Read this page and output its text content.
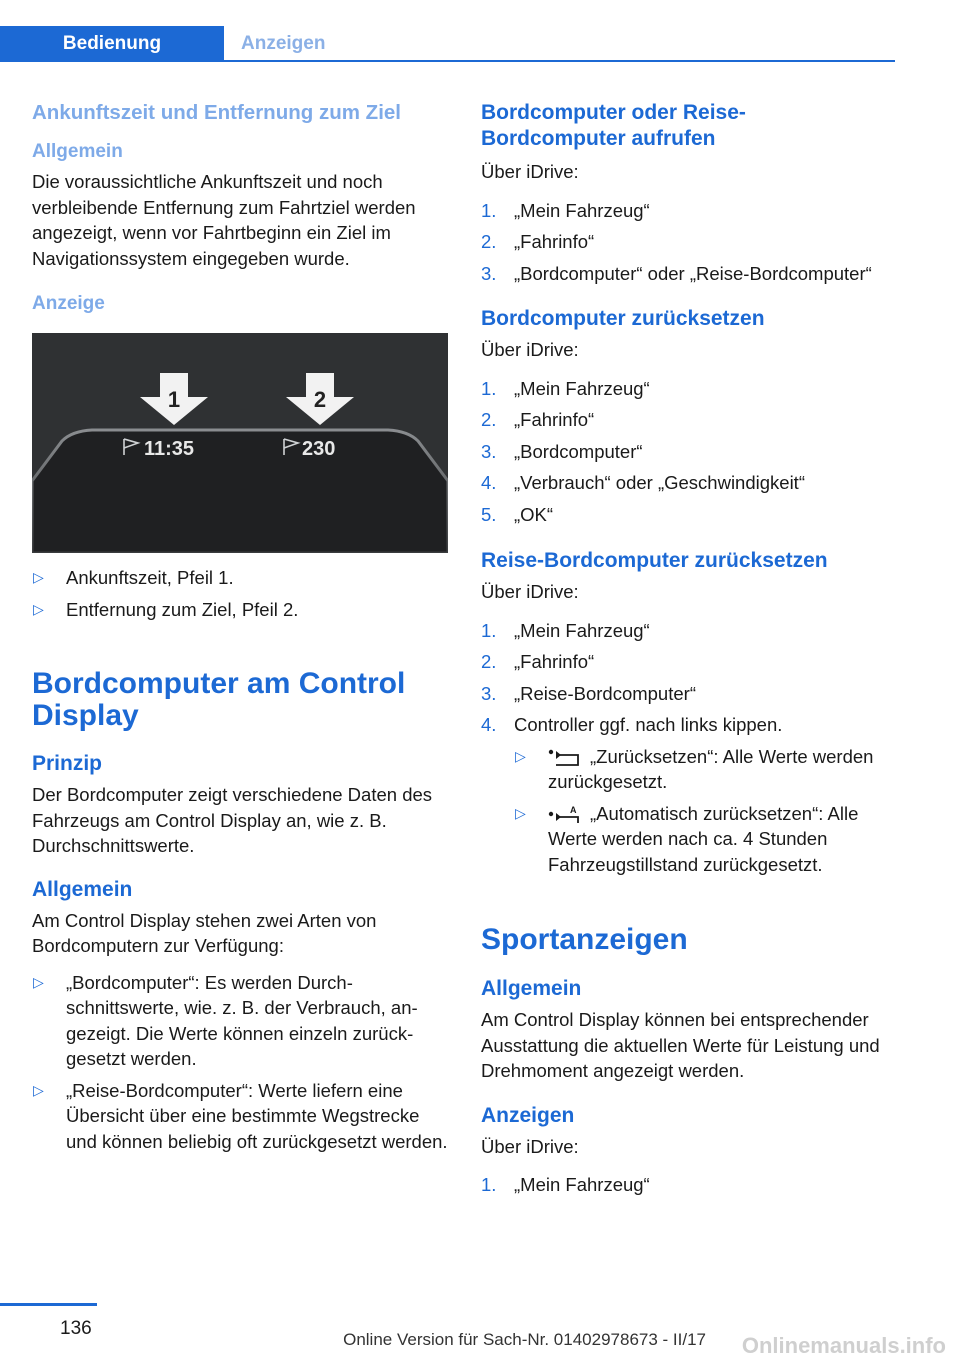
Bedienung	Anzeigen
Ankunftszeit und Entfernung zum Ziel
Allgemein
Die voraussichtliche Ankunftszeit und noch verbleibende Entfernung zum Fahrtziel werden angezeigt, wenn vor Fahrtbeginn ein Ziel im Navigationssystem eingegeben wurde.
Anzeige
1	2
11:35	230
▷ Ankunftszeit, Pfeil 1.
▷ Entfernung zum Ziel, Pfeil 2.
Bordcomputer am Control Display
Prinzip
Der Bordcomputer zeigt verschiedene Daten des Fahrzeugs am Control Display an, wie z. B. Durchschnittswerte.
Allgemein
Am Control Display stehen zwei Arten von Bordcomputern zur Verfügung:
▷ „Bordcomputer“: Es werden Durchschnittswerte, wie. z. B. der Verbrauch, angezeigt. Die Werte können einzeln zurückgesetzt werden.
▷ „Reise-Bordcomputer“: Werte liefern eine Übersicht über eine bestimmte Wegstrecke und können beliebig oft zurückgesetzt werden.
Bordcomputer oder Reise-Bordcomputer aufrufen
Über iDrive:
1. „Mein Fahrzeug“
2. „Fahrinfo“
3. „Bordcomputer“ oder „Reise-Bordcomputer“
Bordcomputer zurücksetzen
Über iDrive:
1. „Mein Fahrzeug“
2. „Fahrinfo“
3. „Bordcomputer“
4. „Verbrauch“ oder „Geschwindigkeit“
5. „OK“
Reise-Bordcomputer zurücksetzen
Über iDrive:
1. „Mein Fahrzeug“
2. „Fahrinfo“
3. „Reise-Bordcomputer“
4. Controller ggf. nach links kippen.
▷	„Zurücksetzen“: Alle Werte werden zurückgesetzt.
▷	A „Automatisch zurücksetzen“: Alle Werte werden nach ca. 4 Stunden Fahrzeugstillstand zurückgesetzt.
Sportanzeigen
Allgemein
Am Control Display können bei entsprechender Ausstattung die aktuellen Werte für Leistung und Drehmoment angezeigt werden.
Anzeigen
Über iDrive:
1. „Mein Fahrzeug“
136
Online Version für Sach-Nr. 01402978673 - II/17 Onlinemanuals.info
